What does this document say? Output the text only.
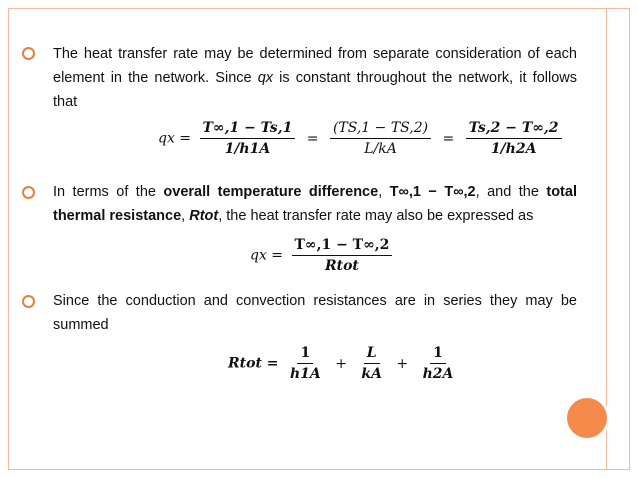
The heat transfer rate may be determined from separate consideration of each element in the network. Since qx is constant throughout the network, it follows that
qx = $\frac{T\infty,1 - Ts,1}{1/h1A} = \frac{(TS,1 - TS,2)}{L/kA} = \frac{Ts,2 - T\infty,2}{1/h2A}$
In terms of the overall temperature difference, T∞,1 − T∞,2, and the total thermal resistance, Rtot, the heat transfer rate may also be expressed as
qx = $\frac{T\infty,1 - T\infty,2}{\text{Rtot}}$
Since the conduction and convection resistances are in series they may be summed
Rtot = $\frac{1}{h1A} + \frac{L}{kA} + \frac{1}{h2A}$
